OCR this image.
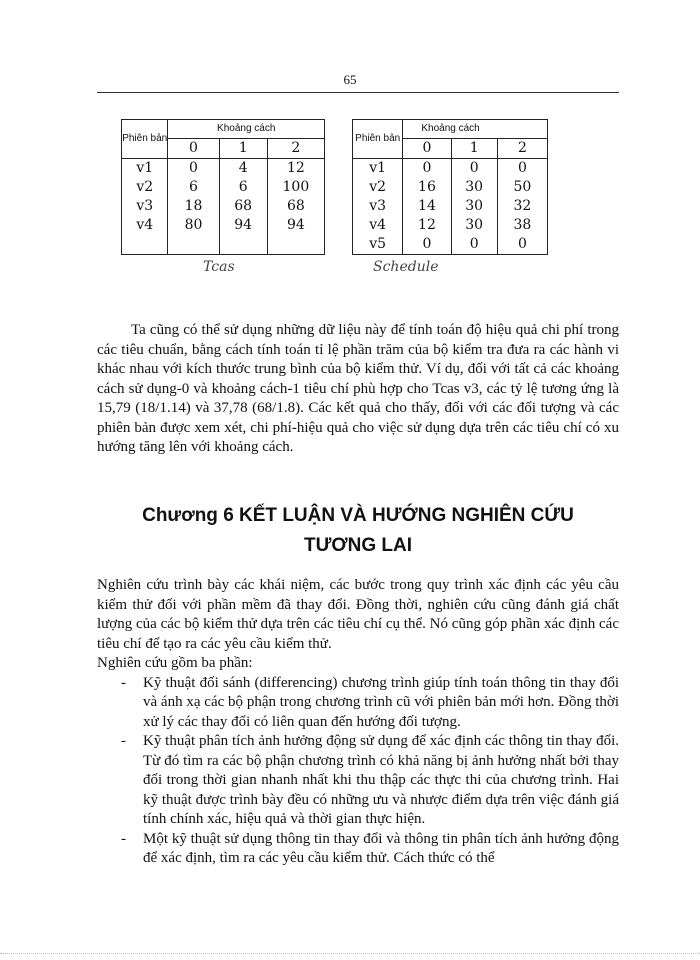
65
Phiên bản	Khoảng cách		
	0	1	2
v1	0	4	12
v2	6	6	100
v3	18	68	68
v4	80	94	94

Tcas
Phiên bản	Khoảng cách		
	0	1	2
v1	0	0	0
v2	16	30	50
v3	14	30	32
v4	12	30	38
v5	0	0	0
Schedule

Ta cũng có thể sử dụng những dữ liệu này để tính toán độ hiệu quả chi phí trong các tiêu chuẩn, bằng cách tính toán tỉ lệ phần trăm của bộ kiểm tra đưa ra các hành vi khác nhau với kích thước trung bình của bộ kiểm thử. Ví dụ, đối với tất cả các khoảng cách sử dụng-0 và khoảng cách-1 tiêu chí phù hợp cho Tcas v3, các tỷ lệ tương ứng là 15,79 (18/1.14) và 37,78 (68/1.8). Các kết quả cho thấy, đối với các đối tượng và các phiên bản được xem xét, chi phí-hiệu quả cho việc sử dụng dựa trên các tiêu chí có xu hướng tăng lên với khoảng cách.

Chương 6 KẾT LUẬN VÀ HƯỚNG NGHIÊN CỨU
TƯƠNG LAI

Nghiên cứu trình bày các khái niệm, các bước trong quy trình xác định các yêu cầu kiểm thử đối với phần mềm đã thay đổi. Đồng thời, nghiên cứu cũng đánh giá chất lượng của các bộ kiểm thử dựa trên các tiêu chí cụ thể. Nó cũng góp phần xác định các tiêu chí để tạo ra các yêu cầu kiểm thử.

Nghiên cứu gồm ba phần:

- Kỹ thuật đối sánh (differencing) chương trình giúp tính toán thông tin thay đổi và ánh xạ các bộ phận trong chương trình cũ với phiên bản mới hơn. Đồng thời xử lý các thay đổi có liên quan đến hướng đối tượng.
- Kỹ thuật phân tích ảnh hưởng động sử dụng để xác định các thông tin thay đổi. Từ đó tìm ra các bộ phận chương trình có khả năng bị ảnh hưởng nhất bởi thay đổi trong thời gian nhanh nhất khi thu thập các thực thi của chương trình. Hai kỹ thuật được trình bày đều có những ưu và nhược điểm dựa trên việc đánh giá tính chính xác, hiệu quả và thời gian thực hiện.
- Một kỹ thuật sử dụng thông tin thay đổi và thông tin phân tích ảnh hưởng động để xác định, tìm ra các yêu cầu kiểm thử. Cách thức có thể
